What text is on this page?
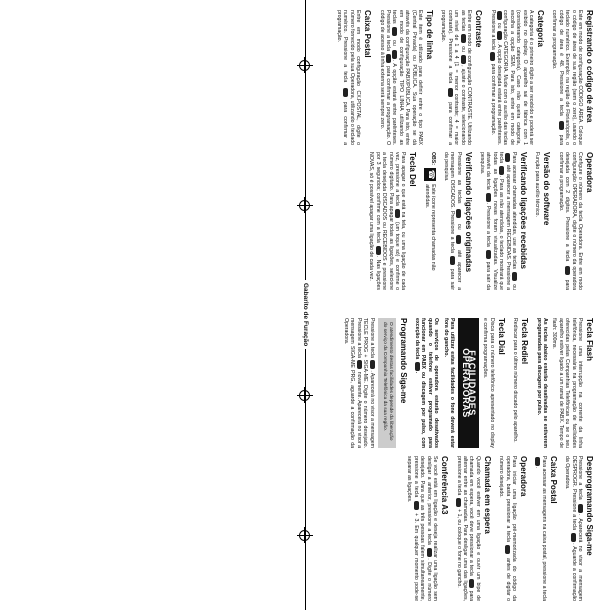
Registrando o código de área

Este em modo de configuração CÓDIGO ÁREA. Coloque o código de área de sua região (sem o zero), usando o teclado numérico. Exemplo: na região de Florianópolis, o código de área é 48. Pressione a tecla  para confirmar a programação.

Categoria

A categoria é o primeiro dígito a ser recebido e poderá ser exibido no display. O aparelho sai de fábrica com 1 (considerando categoria). Caso não queira categoria, escolha a opção SEM. Para isto, entre em modo de configuração CATEGORIA. Mude com o auxílio das teclas  ou . A opção desejada estará entre parênteses. Pressione a tecla  para confirmar a programação.

Contraste

Entre em modo de configuração CONTRASTE. Utilizando as teclas  ou , ajuste o contraste, selecionando um nível de 1 a 4 (1 = menor contraste; 4 = maior contraste). Pressione a tecla  para confirmar a programação.

Tipo de linha

Este item é utilizado para definir entre o tipo PABX (Central Privada) ou PÚBLICA. Sua operação se dá através da configuração PABX/PÚBLICA. Para isto, entre em modo de configuração TIPO LINHA utilizando as teclas  ou . A opção estará entre parênteses. Pressione a tecla  para confirmar a programação. O código de acesso à linha externa será sempre zero.

Caixa Postal

Entre em modo configuração CX.POSTAL, digite o número fornecido pela sua Operadora, utilizando o teclado numérico. Pressione a tecla  para confirmar a programação.

Operadora

Configure o número da tecla Operadora. Entre em modo configuração OPERADORA, digite o número da operadora desejada com 2 dígitos. Pressione a tecla  para confirmar a programação.

Versão do software

Função para auxílio técnico.

Verificando ligações recebidas

Para acessar chamadas atendidas, use as teclas  ou  até aparecer a mensagem RECEBIDAS. Pressione a tecla . Para as não atendidas, o teclado mostrará que todas as ligações novas foram visualizadas. Visualize através da tecla . Pressione a tecla  para sair da pesquisa.

Verificando ligações originadas

Pressione as teclas  ou  até aparecer a mensagem DISCADOS. Pressione a tecla  para sair da pesquisa.

OBS:
☎
Este ícone representa chamadas não atendidas.
Tecla Del

Para apagar o que está na tela, ou uma ligação de cada vez, pressione a tecla  (um toque só) e confirme o número digitado. Para apagar todas as ligações, selecione a tecla desejada DISCADOS ou RECEBIDOS e pressione por 3 segundos; confirme com a tecla . Nas ligações NOVAS, só é possível apagar uma ligação de cada vez.

Gabarito de Furação	Tecla Flash

Pressione uma interrupção na corrente da linha telefônica, necessária na programação de facilidades oferecidas pelas Companhias Telefônicas ou se o seu aparelho estiver ligado a um ramal de PABX. Tempo de flash: 300ms.

As teclas abaixo estarão desativadas se estiverem programadas para discagem por pulso.

Tecla Rediel

Rediscar para o último número discado pelo aparelho.

Tecla Dial

Disca para o número telefônico apresentado no display e confirma programações.

FACILIDADES OPERADORAS

Para utilizar estas facilidades o fone deverá estar fora do gancho.

Os serviços de operadora estarão desativados quando o telefone estiver programado para funcionar em PABX ou discagem por pulso, com exceção da tecla .

Programando Siga-me
O atendimento destas facilidades depende da liberação do serviço da Companhia Telefônica da sua região.

Pressione a tecla . Aparecerá no visor a mensagem TECLE PROG + SIGA-ME. Digite o número desejado. Pressione a tecla  novamente. Aparecerá no visor a mensagem SIGA-ME PRG, aguarde a confirmação da Operadora.

Desprogramando Siga-me

Pressione a tecla . Aparecerá no visor a mensagem DESPROGR. Pressione a tecla . Aguarde a confirmação da Operadora.

Caixa Postal

Para acessar as mensagens na caixa postal, pressione a tecla .

Operadora

Para iniciar uma ligação pré-memorizada do código da operadora, basta pressionar a tecla  antes de digitar o número desejado.

Chamada em espera

Quando você estiver em uma ligação e ouvir um bipe de chamada em espera, você deve pressionar a tecla  para alternar entre as chamadas. Para desligar uma das ligações, pressione a tecla  + 1, ou coloque o fone no gancho.

Conferência A3

Se você está em ligação e deseja realizar uma ligação sem desligar a anterior, pressione a tecla . Digite o número desejado. Para que as três pessoas falem simultaneamente, pressione a tecla  + 3. Em qualquer momento pode-se separar as ligações.
